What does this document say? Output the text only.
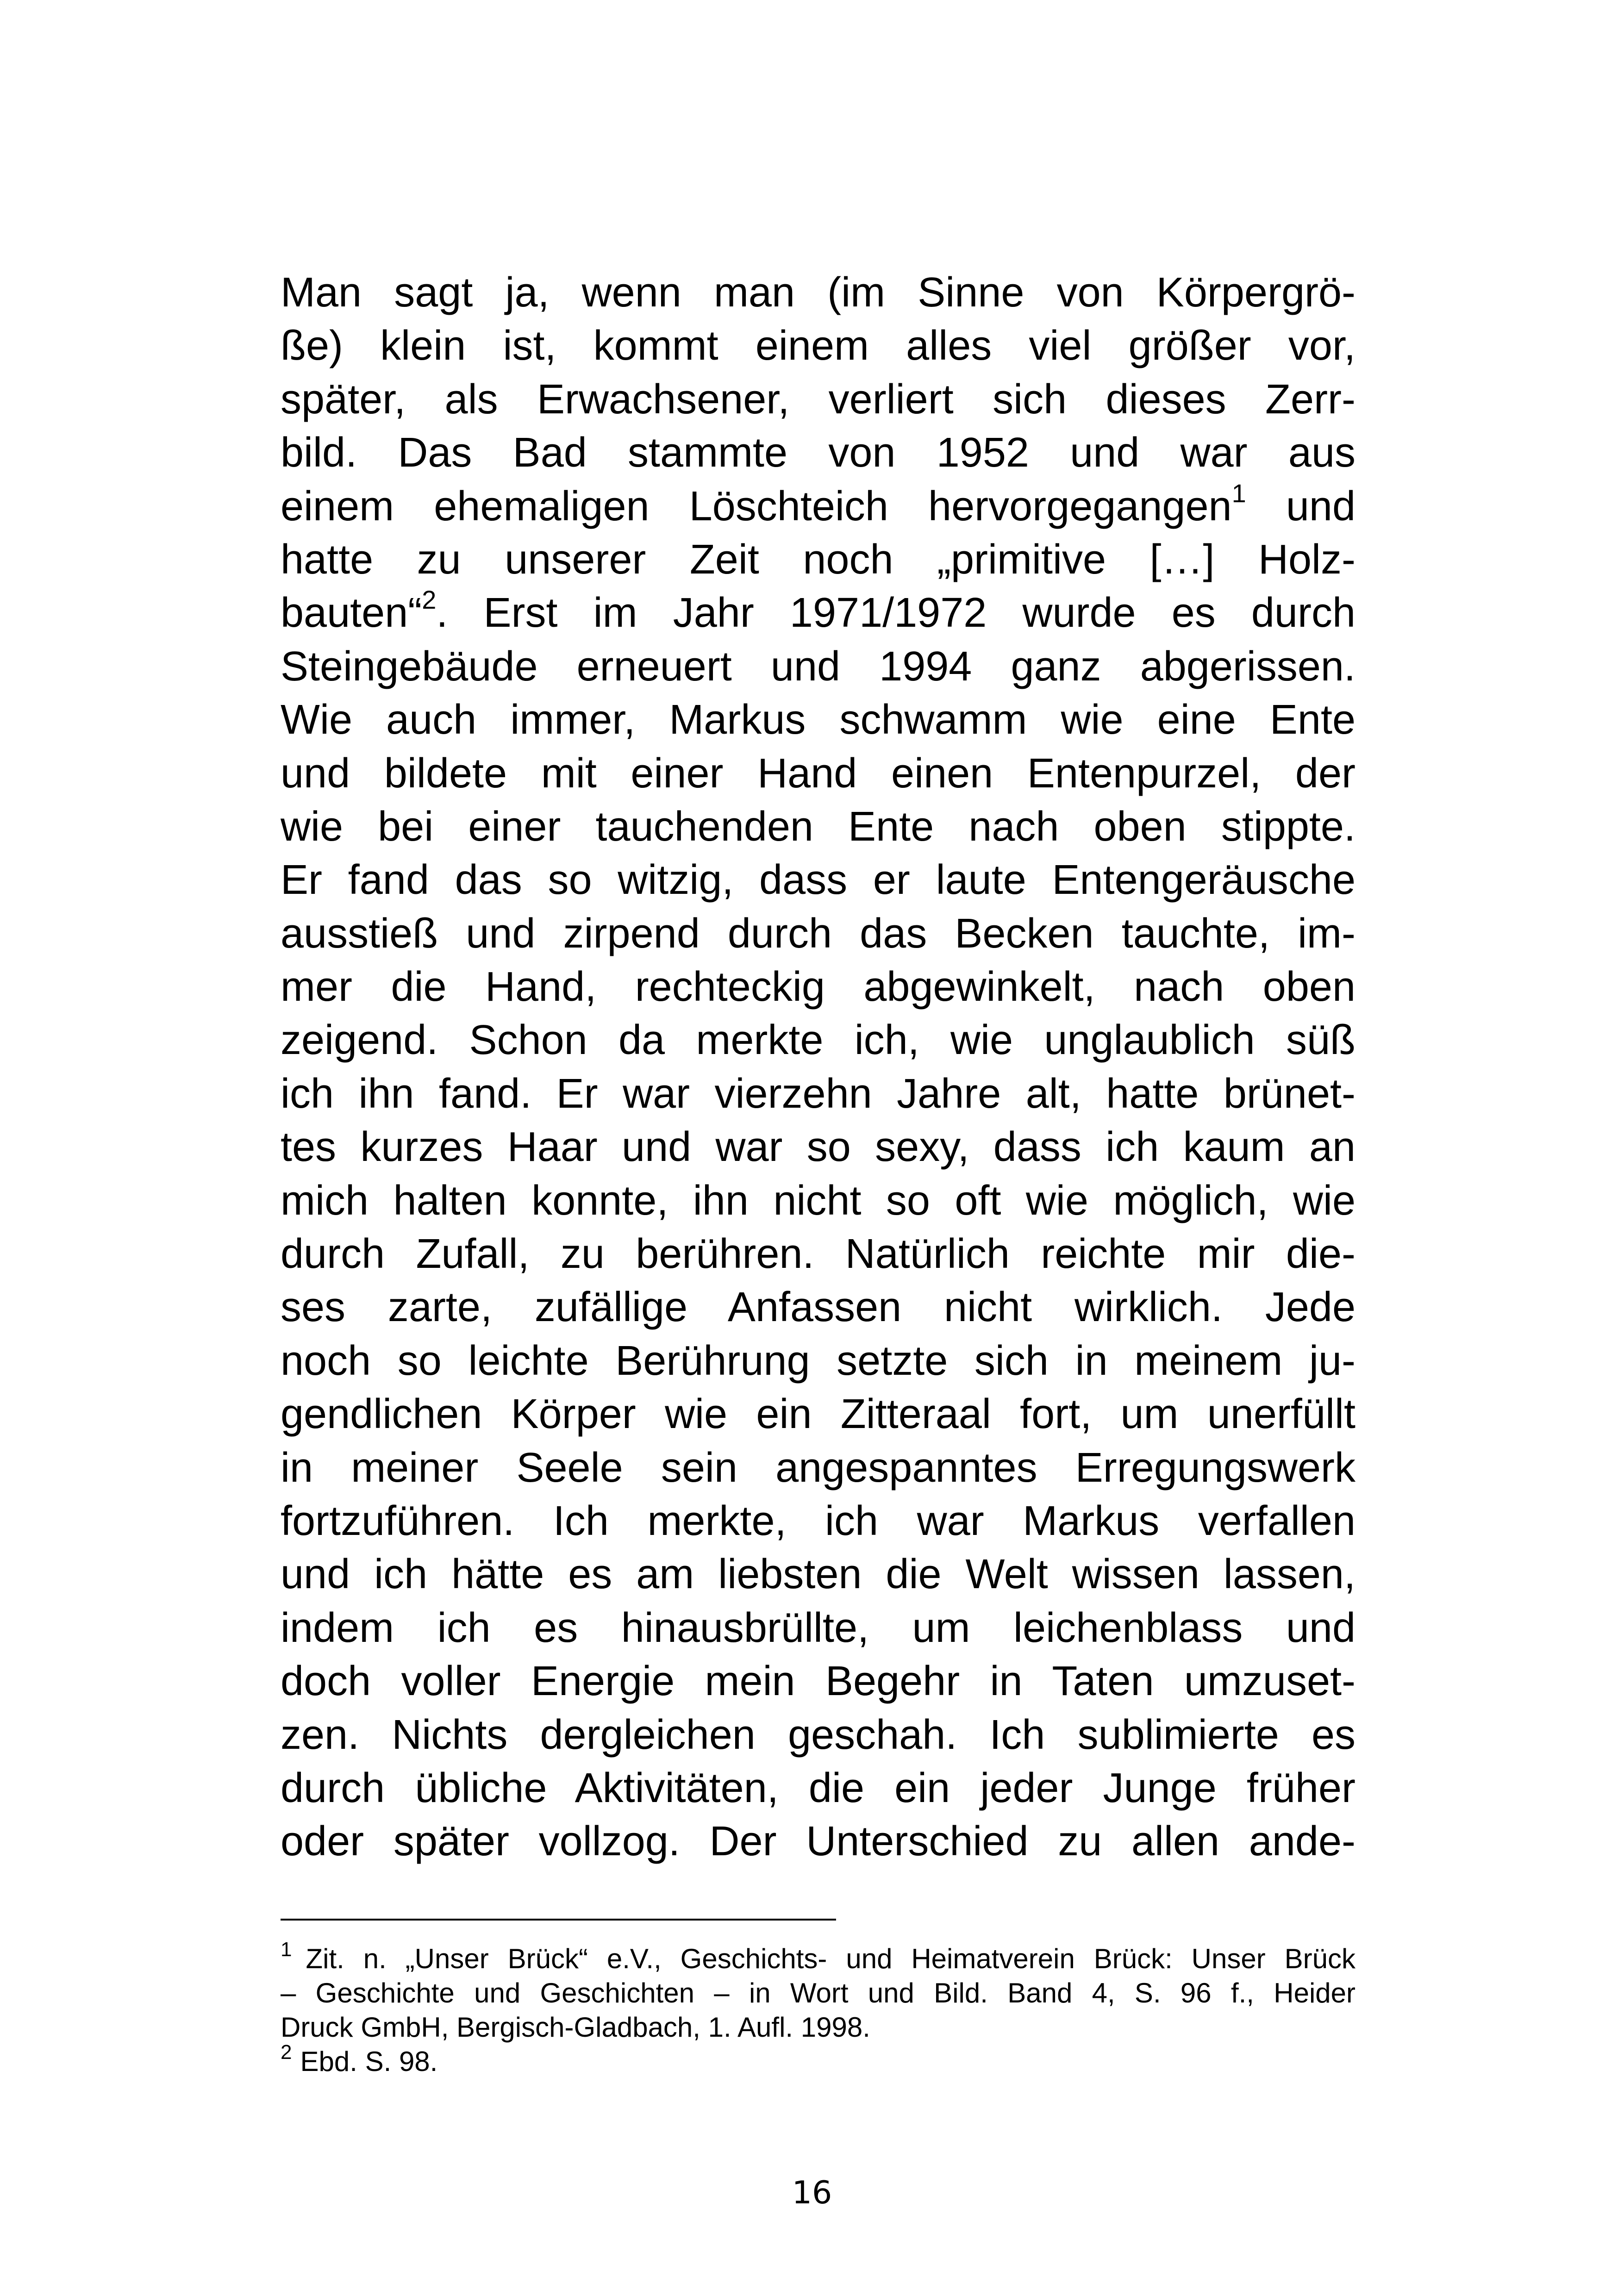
Man sagt ja, wenn man (im Sinne von Körpergrö-
ße) klein ist, kommt einem alles viel größer vor,
später, als Erwachsener, verliert sich dieses Zerr-
bild. Das Bad stammte von 1952 und war aus
einem ehemaligen Löschteich hervorgegangen$^1$ und
hatte zu unserer Zeit noch „primitive […] Holz-
bauten“$^2$. Erst im Jahr 1971/1972 wurde es durch
Steingebäude erneuert und 1994 ganz abgerissen.
Wie auch immer, Markus schwamm wie eine Ente
und bildete mit einer Hand einen Entenpurzel, der
wie bei einer tauchenden Ente nach oben stippte.
Er fand das so witzig, dass er laute Entengeräusche
ausstieß und zirpend durch das Becken tauchte, im-
mer die Hand, rechteckig abgewinkelt, nach oben
zeigend. Schon da merkte ich, wie unglaublich süß
ich ihn fand. Er war vierzehn Jahre alt, hatte brünet-
tes kurzes Haar und war so sexy, dass ich kaum an
mich halten konnte, ihn nicht so oft wie möglich, wie
durch Zufall, zu berühren. Natürlich reichte mir die-
ses zarte, zufällige Anfassen nicht wirklich. Jede
noch so leichte Berührung setzte sich in meinem ju-
gendlichen Körper wie ein Zitteraal fort, um unerfüllt
in meiner Seele sein angespanntes Erregungswerk
fortzuführen. Ich merkte, ich war Markus verfallen
und ich hätte es am liebsten die Welt wissen lassen,
indem ich es hinausbrüllte, um leichenblass und
doch voller Energie mein Begehr in Taten umzuset-
zen. Nichts dergleichen geschah. Ich sublimierte es
durch übliche Aktivitäten, die ein jeder Junge früher
oder später vollzog. Der Unterschied zu allen ande-
$^1$ Zit. n. „Unser Brück“ e.V., Geschichts- und Heimatverein Brück: Unser Brück
– Geschichte und Geschichten – in Wort und Bild. Band 4, S. 96 f., Heider
Druck GmbH, Bergisch-Gladbach, 1. Aufl. 1998.
$^2$ Ebd. S. 98.
16
